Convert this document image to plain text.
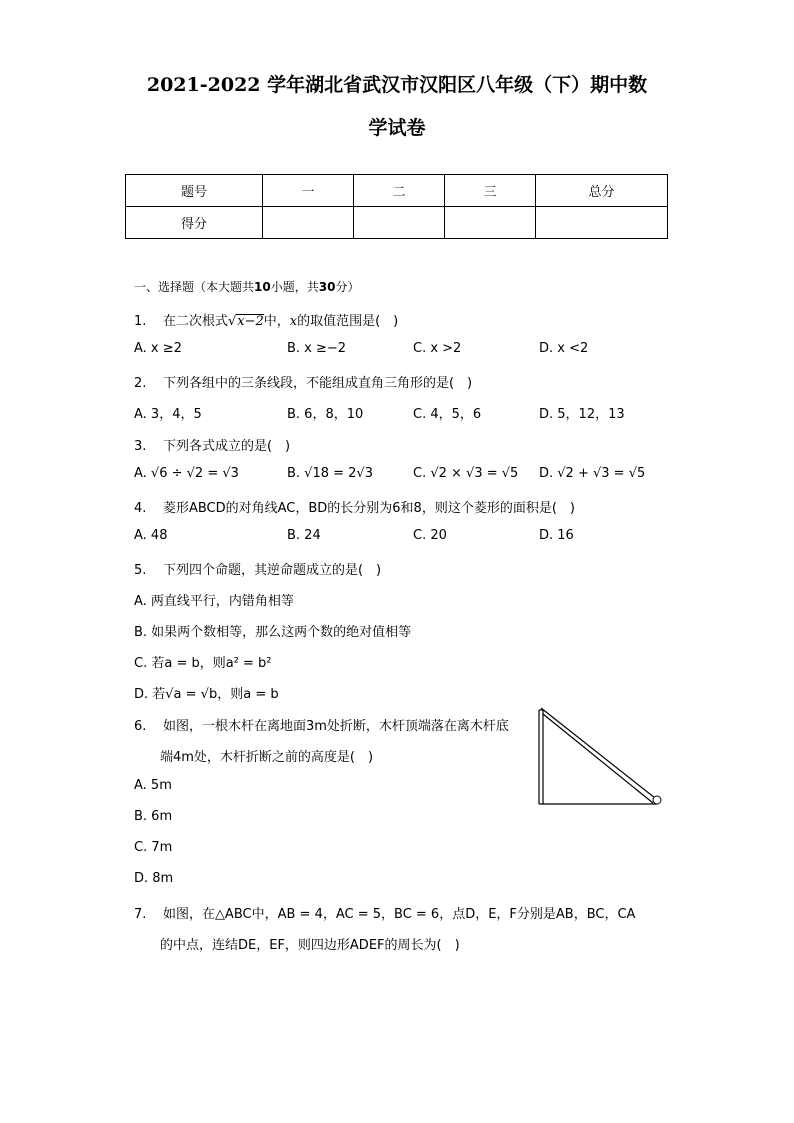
2021-2022 学年湖北省武汉市汉阳区八年级（下）期中数
学试卷
题号	一	二	三	总分
得分				
一、选择题（本大题共10小题，共30分）
1. 在二次根式√x−2中，x的取值范围是(　)
A. x ≥2	B. x ≥−2	C. x >2	D. x <2
2. 下列各组中的三条线段，不能组成直角三角形的是(　)
A. 3，4，5	B. 6，8，10	C. 4，5，6	D. 5，12，13
3. 下列各式成立的是(　)
A. √6 ÷ √2 = √3	B. √18 = 2√3	C. √2 × √3 = √5 D. √2 + √3 = √5
4. 菱形ABCD的对角线AC，BD的长分别为6和8，则这个菱形的面积是(　)
A. 48	B. 24	C. 20	D. 16
5. 下列四个命题，其逆命题成立的是(　)
A. 两直线平行，内错角相等
B. 如果两个数相等，那么这两个数的绝对值相等
C. 若a = b，则a² = b²
D. 若√a = √b，则a = b
6. 如图，一根木杆在离地面3m处折断，木杆顶端落在离木杆底
端4m处，木杆折断之前的高度是(　)
A. 5m
B. 6m
C. 7m
D. 8m
7. 如图，在△ABC中，AB = 4，AC = 5，BC = 6，点D，E，F分别是AB，BC，CA
的中点，连结DE，EF，则四边形ADEF的周长为(　)
